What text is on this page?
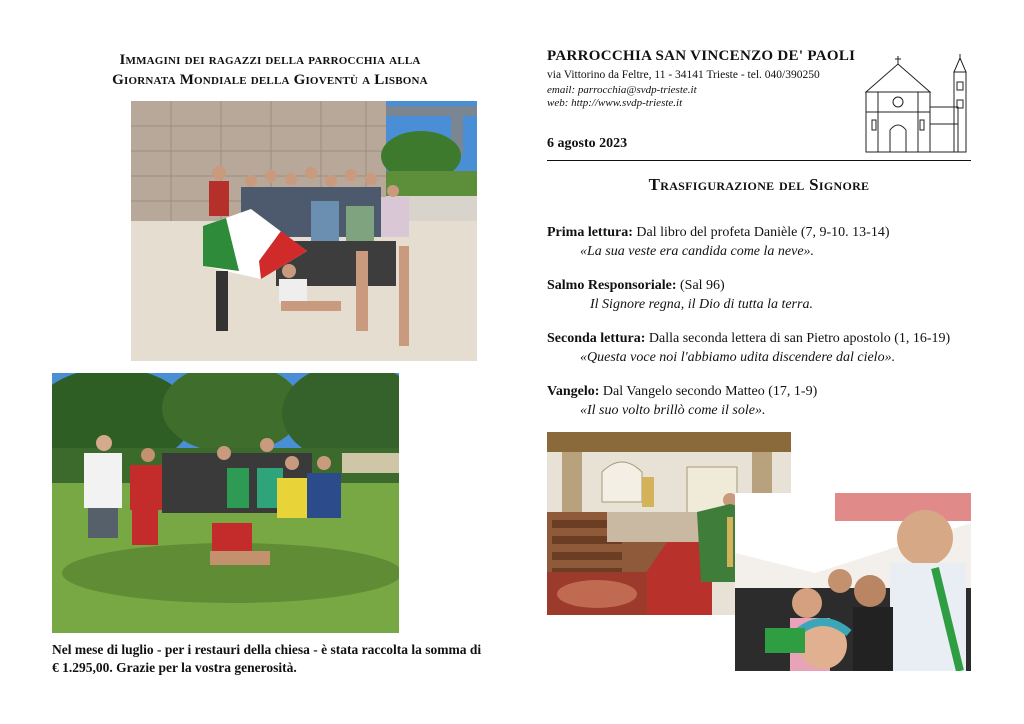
Immagini dei ragazzi della parrocchia alla
Giornata Mondiale della Gioventù a Lisbona
Nel mese di luglio - per i restauri della chiesa - è stata raccolta la somma di € 1.295,00. Grazie per la vostra generosità.
PARROCCHIA SAN VINCENZO DE' PAOLI
via Vittorino da Feltre, 11 - 34141 Trieste - tel. 040/390250
email: parrocchia@svdp-trieste.it
web: http://www.svdp-trieste.it
6 agosto 2023
Trasfigurazione del Signore
Prima lettura: Dal libro del profeta Danièle (7, 9-10. 13-14)
«La sua veste era candida come la neve».
Salmo Responsoriale: (Sal 96)
Il Signore regna, il Dio di tutta la terra.
Seconda lettura: Dalla seconda lettera di san Pietro apostolo (1, 16-19)
«Questa voce noi l'abbiamo udita discendere dal cielo».
Vangelo: Dal Vangelo secondo Matteo (17, 1-9)
«Il suo volto brillò come il sole».
